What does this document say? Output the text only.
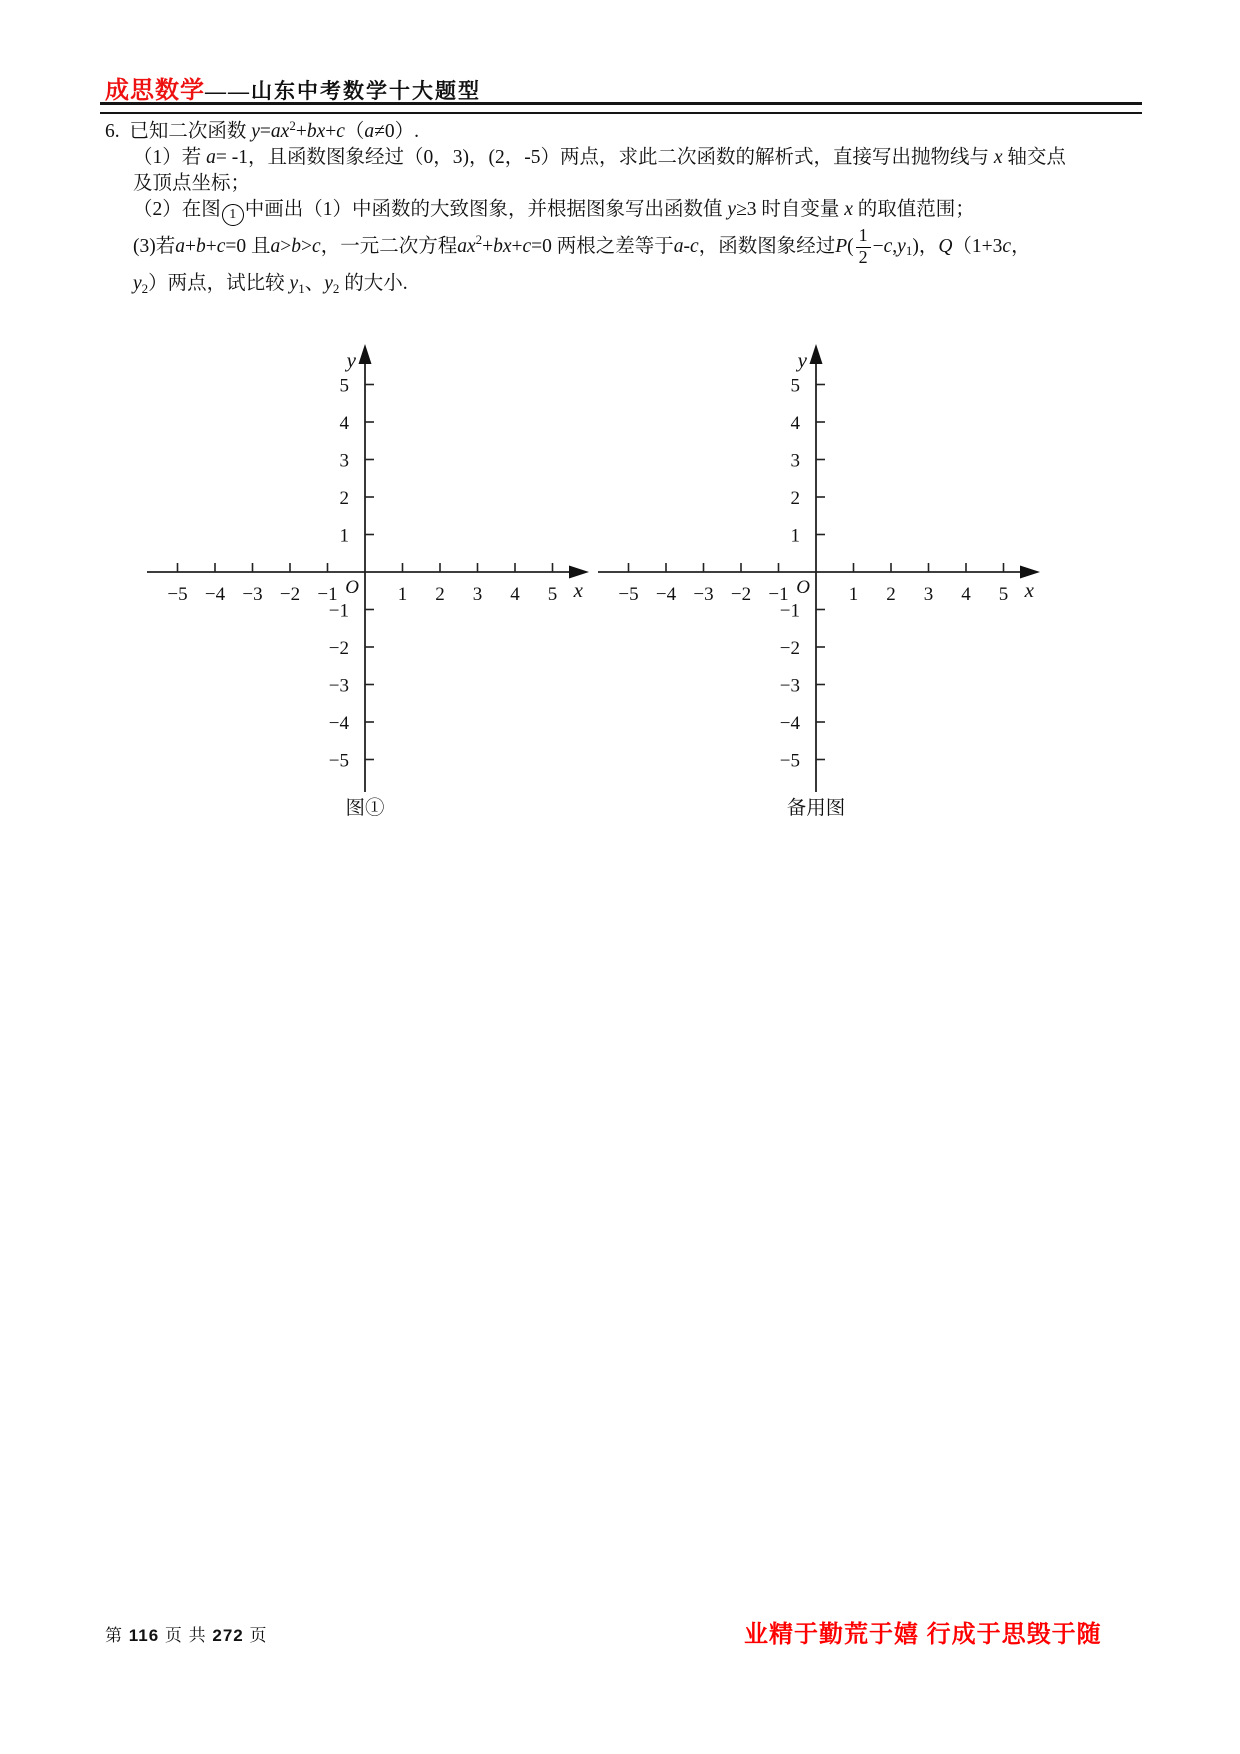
成思数学——山东中考数学十大题型
6. 已知二次函数 $y=ax^2+bx+c(a\ne 0)$.
（1）若 a= -1，且函数图象经过（0，3)，(2，-5）两点，求此二次函数的解析式，直接写出抛物线与 x 轴交点
及顶点坐标；
（2）在图 1 中画出（1）中函数的大致图象，并根据图象写出函数值 y≥3 时自变量 x 的取值范围；
(3)若 a + b + c =0 且 a > b > c ，一元二次方程 ax 2 + bx + c =0 两根之差等于 a - c ，函数图象经过 P ( $\frac{1}{2} - c$ , y 1 )， Q （1+3 c ，
$y_2$）两点，试比较 $y_1$、$y_2$ 的大小.
x
y
O
−5 −4 −3 −2 −1	1 2 3 4 5
−5
−4
−3
−2
−1
1
2
3
4
5
x
y
O
−5 −4 −3 −2 −1	1 2 3 4 5
−5
−4
−3
−2
−1
1
2
3
4
5
图①	备用图
第 116 页 共 272 页	业精于勤荒于嬉 行成于思毁于随
